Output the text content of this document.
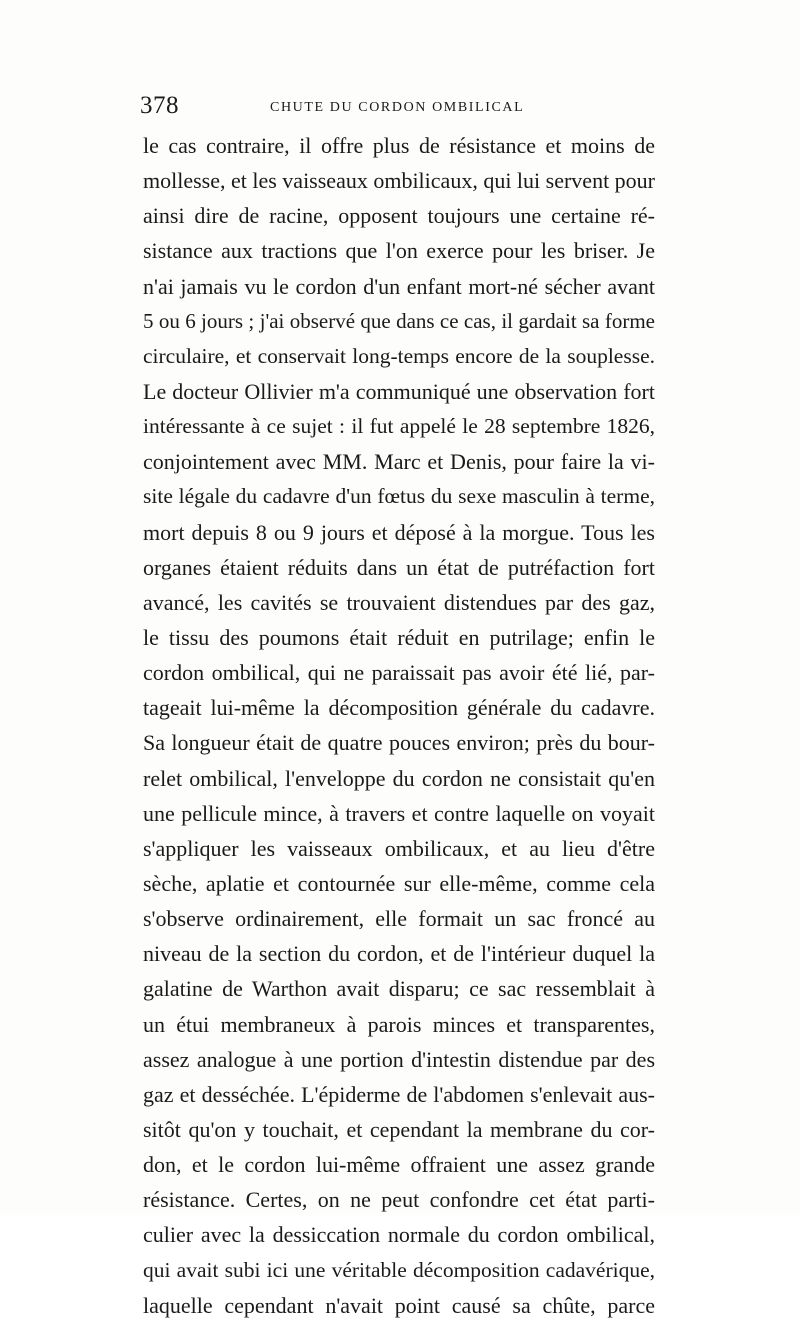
378	CHUTE DU CORDON OMBILICAL
le cas contraire, il offre plus de résistance et moins de
mollesse, et les vaisseaux ombilicaux, qui lui servent pour
ainsi dire de racine, opposent toujours une certaine ré-
sistance aux tractions que l'on exerce pour les briser. Je
n'ai jamais vu le cordon d'un enfant mort-né sécher avant
5 ou 6 jours ; j'ai observé que dans ce cas, il gardait sa forme
circulaire, et conservait long-temps encore de la souplesse.
Le docteur Ollivier m'a communiqué une observation fort
intéressante à ce sujet : il fut appelé le 28 septembre 1826,
conjointement avec MM. Marc et Denis, pour faire la vi-
site légale du cadavre d'un fœtus du sexe masculin à terme,
mort depuis 8 ou 9 jours et déposé à la morgue. Tous les
organes étaient réduits dans un état de putréfaction fort
avancé, les cavités se trouvaient distendues par des gaz,
le tissu des poumons était réduit en putrilage; enfin le
cordon ombilical, qui ne paraissait pas avoir été lié, par-
tageait lui-même la décomposition générale du cadavre.
Sa longueur était de quatre pouces environ; près du bour-
relet ombilical, l'enveloppe du cordon ne consistait qu'en
une pellicule mince, à travers et contre laquelle on voyait
s'appliquer les vaisseaux ombilicaux, et au lieu d'être
sèche, aplatie et contournée sur elle-même, comme cela
s'observe ordinairement, elle formait un sac froncé au
niveau de la section du cordon, et de l'intérieur duquel la
galatine de Warthon avait disparu; ce sac ressemblait à
un étui membraneux à parois minces et transparentes,
assez analogue à une portion d'intestin distendue par des
gaz et desséchée. L'épiderme de l'abdomen s'enlevait aus-
sitôt qu'on y touchait, et cependant la membrane du cor-
don, et le cordon lui-même offraient une assez grande
résistance. Certes, on ne peut confondre cet état parti-
culier avec la dessiccation normale du cordon ombilical,
qui avait subi ici une véritable décomposition cadavérique,
laquelle cependant n'avait point causé sa chûte, parce
